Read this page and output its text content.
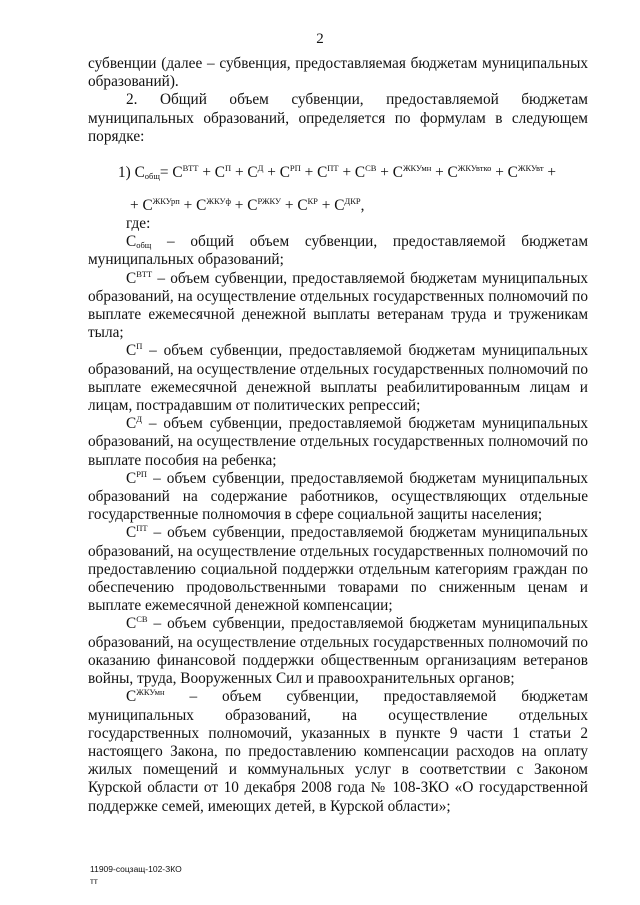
2

субвенции (далее – субвенция, предоставляемая бюджетам муниципальных образований).

2. Общий объем субвенции, предоставляемой бюджетам муниципальных образований, определяется по формулам в следующем порядке:

1) $C_{общ}= C^{ВТТ} + C^П + C^Д + C^{РП} + C^{ПТ} + C^{СВ} + C^{ЖКУмн} + C^{ЖКУвтко} + C^{ЖКУвт}$ +
+ $C^{ЖКУрп} + C^{ЖКУф} + C^{РЖКУ} + C^{КР} + C^{ДКР}$,

где:

$C_{общ}$ – общий объем субвенции, предоставляемой бюджетам муниципальных образований;

$C^{ВТТ}$ – объем субвенции, предоставляемой бюджетам муниципальных образований, на осуществление отдельных государственных полномочий по выплате ежемесячной денежной выплаты ветеранам труда и труженикам тыла;

$C^П$ – объем субвенции, предоставляемой бюджетам муниципальных образований, на осуществление отдельных государственных полномочий по выплате ежемесячной денежной выплаты реабилитированным лицам и лицам, пострадавшим от политических репрессий;

$C^Д$ – объем субвенции, предоставляемой бюджетам муниципальных образований, на осуществление отдельных государственных полномочий по выплате пособия на ребенка;

$C^{РП}$ – объем субвенции, предоставляемой бюджетам муниципальных образований на содержание работников, осуществляющих отдельные государственные полномочия в сфере социальной защиты населения;

$C^{ПТ}$ – объем субвенции, предоставляемой бюджетам муниципальных образований, на осуществление отдельных государственных полномочий по предоставлению социальной поддержки отдельным категориям граждан по обеспечению продовольственными товарами по сниженным ценам и выплате ежемесячной денежной компенсации;

$C^{СВ}$ – объем субвенции, предоставляемой бюджетам муниципальных образований, на осуществление отдельных государственных полномочий по оказанию финансовой поддержки общественным организациям ветеранов войны, труда, Вооруженных Сил и правоохранительных органов;

$C^{ЖКУмн}$ – объем субвенции, предоставляемой бюджетам муниципальных образований, на осуществление отдельных государственных полномочий, указанных в пункте 9 части 1 статьи 2 настоящего Закона, по предоставлению компенсации расходов на оплату жилых помещений и коммунальных услуг в соответствии с Законом Курской области от 10 декабря 2008 года № 108-ЗКО «О государственной поддержке семей, имеющих детей, в Курской области»;

11909-соцзащ-102-ЗКО
тт
